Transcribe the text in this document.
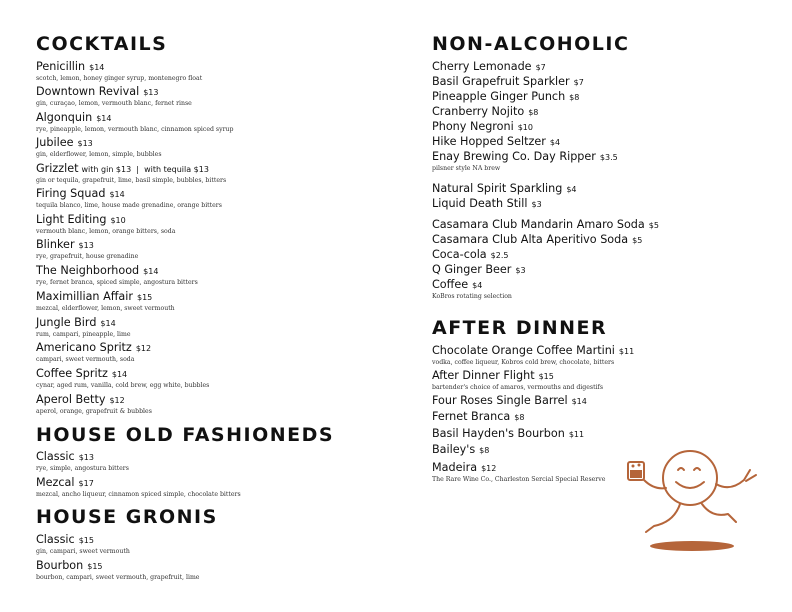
COCKTAILS
Penicillin $14
scotch, lemon, honey ginger syrup, montenegro float
Downtown Revival $13
gin, curaçao, lemon, vermouth blanc, fernet rinse
Algonquin $14
rye, pineapple, lemon, vermouth blanc, cinnamon spiced syrup
Jubilee $13
gin, elderflower, lemon, simple, bubbles
Grizzlet with gin $13  |  with tequila $13
gin or tequila, grapefruit, lime, basil simple, bubbles, bitters
Firing Squad $14
tequila blanco, lime, house made grenadine, orange bitters
Light Editing $10
vermouth blanc, lemon, orange bitters, soda
Blinker $13
rye, grapefruit, house grenadine
The Neighborhood $14
rye, fernet branca, spiced simple, angostura bitters
Maximillian Affair $15
mezcal, elderflower, lemon, sweet vermouth
Jungle Bird $14
rum, campari, pineapple, lime
Americano Spritz $12
campari, sweet vermouth, soda
Coffee Spritz $14
cynar, aged rum, vanilla, cold brew, egg white, bubbles
Aperol Betty $12
aperol, orange, grapefruit & bubbles
HOUSE OLD FASHIONEDS
Classic $13
rye, simple, angostura bitters
Mezcal $17
mezcal, ancho liqueur, cinnamon spiced simple, chocolate bitters
HOUSE GRONIS
Classic $15
gin, campari, sweet vermouth
Bourbon $15
bourbon, campari, sweet vermouth, grapefruit, lime
NON-ALCOHOLIC
Cherry Lemonade $7
Basil Grapefruit Sparkler $7
Pineapple Ginger Punch $8
Cranberry Nojito $8
Phony Negroni $10
Hike Hopped Seltzer $4
Enay Brewing Co. Day Ripper $3.5
pilsner style NA brew
Natural Spirit Sparkling $4
Liquid Death Still $3
Casamara Club Mandarin Amaro Soda $5
Casamara Club Alta Aperitivo Soda $5
Coca-cola $2.5
Q Ginger Beer $3
Coffee $4
KoBros rotating selection
AFTER DINNER
Chocolate Orange Coffee Martini $11
vodka, coffee liqueur, Kobros cold brew, chocolate, bitters
After Dinner Flight $15
bartender's choice of amaros, vermouths and digestifs
Four Roses Single Barrel $14
Fernet Branca $8
Basil Hayden's Bourbon $11
Bailey's $8
Madeira $12
The Rare Wine Co., Charleston Sercial Special Reserve
